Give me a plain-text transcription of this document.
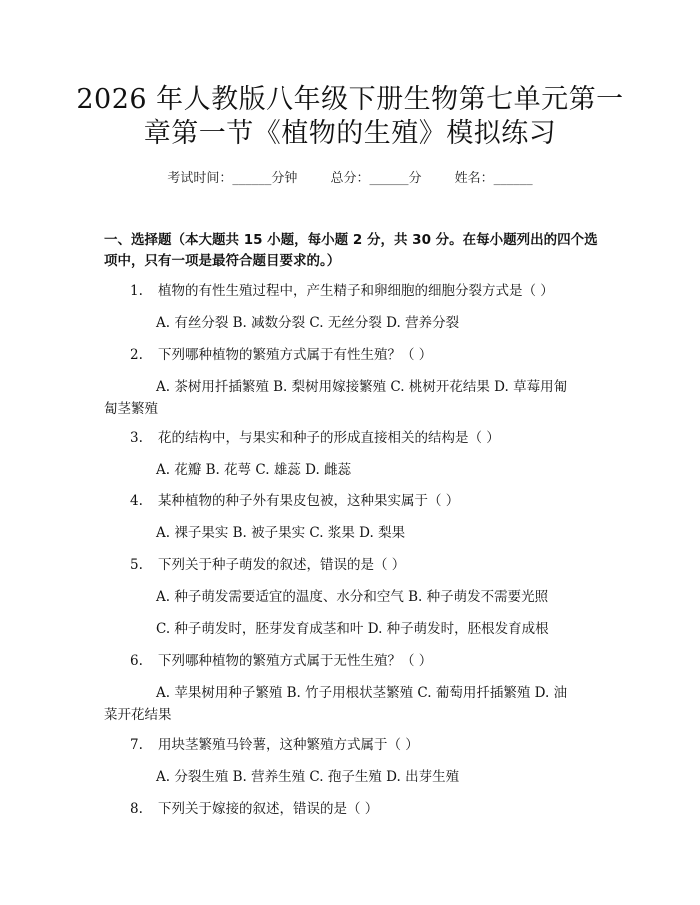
2026 年人教版八年级下册生物第七单元第一
章第一节《植物的生殖》模拟练习
考试时间：______分钟	总分：______分	姓名：______
一、选择题（本大题共 15 小题，每小题 2 分，共 30 分。在每小题列出的四个选
项中，只有一项是最符合题目要求的。）
1. 植物的有性生殖过程中，产生精子和卵细胞的细胞分裂方式是（ ）
A. 有丝分裂 B. 减数分裂 C. 无丝分裂 D. 营养分裂
2. 下列哪种植物的繁殖方式属于有性生殖？（ ）
A. 茶树用扦插繁殖 B. 梨树用嫁接繁殖 C. 桃树开花结果 D. 草莓用匍
匐茎繁殖
3. 花的结构中，与果实和种子的形成直接相关的结构是（ ）
A. 花瓣 B. 花萼 C. 雄蕊 D. 雌蕊
4. 某种植物的种子外有果皮包被，这种果实属于（ ）
A. 裸子果实 B. 被子果实 C. 浆果 D. 梨果
5. 下列关于种子萌发的叙述，错误的是（ ）
A. 种子萌发需要适宜的温度、水分和空气 B. 种子萌发不需要光照
C. 种子萌发时，胚芽发育成茎和叶 D. 种子萌发时，胚根发育成根
6. 下列哪种植物的繁殖方式属于无性生殖？（ ）
A. 苹果树用种子繁殖 B. 竹子用根状茎繁殖 C. 葡萄用扦插繁殖 D. 油
菜开花结果
7. 用块茎繁殖马铃薯，这种繁殖方式属于（ ）
A. 分裂生殖 B. 营养生殖 C. 孢子生殖 D. 出芽生殖
8. 下列关于嫁接的叙述，错误的是（ ）
